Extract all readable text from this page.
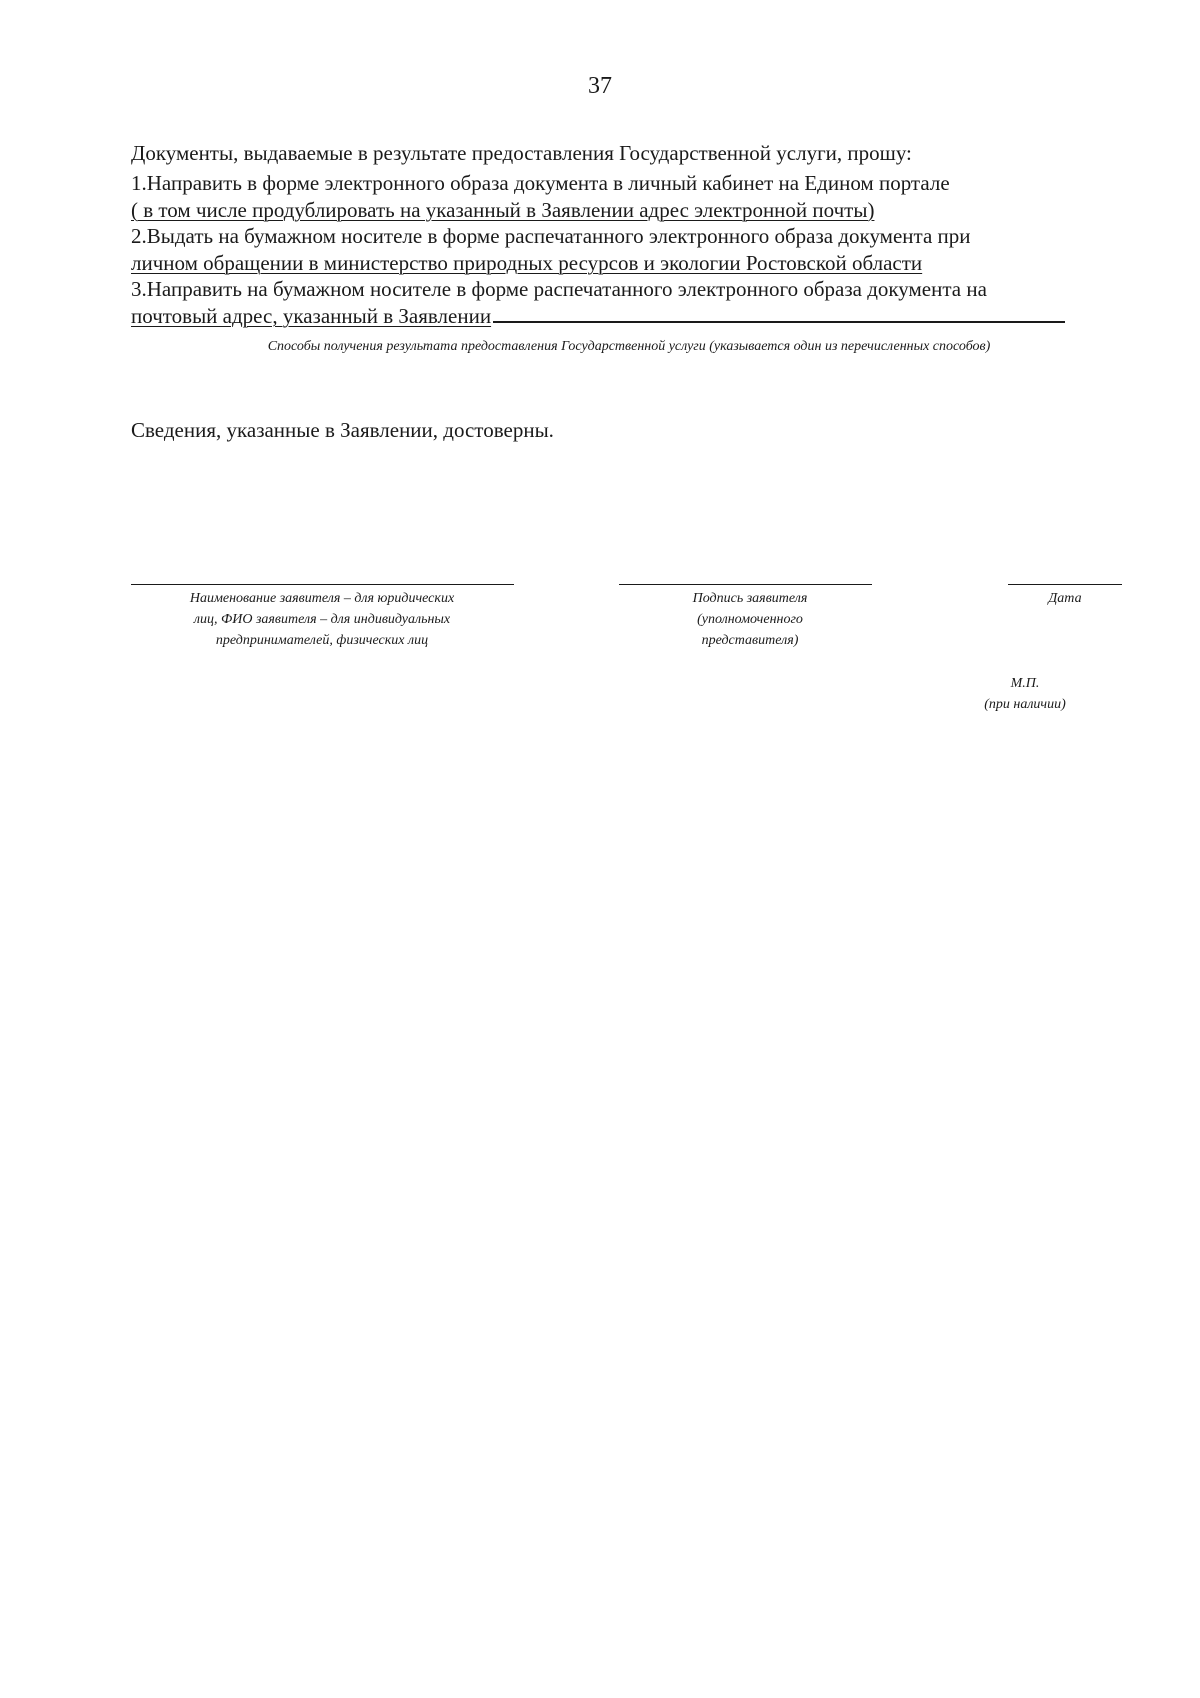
37
Документы, выдаваемые в результате предоставления Государственной услуги, прошу:

1.Направить в форме электронного образа документа в личный кабинет на Едином портале
( в том числе продублировать на указанный в Заявлении адрес электронной почты)

2.Выдать на бумажном носителе в форме распечатанного электронного образа документа при
личном обращении в министерство природных ресурсов и экологии Ростовской области

3.Направить на бумажном носителе в форме распечатанного электронного образа документа на
почтовый адрес, указанный в Заявлении

Способы получения результата предоставления Государственной услуги (указывается один из перечисленных способов)
Сведения, указанные в Заявлении, достоверны.
Наименование заявителя – для юридических
лиц, ФИО заявителя – для индивидуальных
предпринимателей, физических лиц
Подпись заявителя
(уполномоченного
представителя)
Дата
М.П.
(при наличии)
